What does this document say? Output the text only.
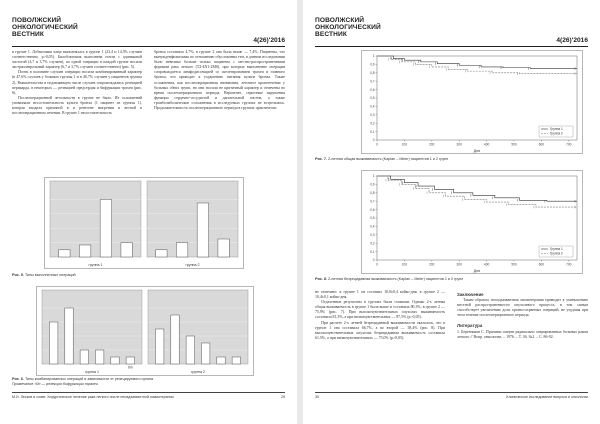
ПОВОЛЖСКИЙ
ОНКОЛОГИЧЕСКИЙ
ВЕСТНИК
4(26)'2016

в группе 1. Лобэктомия чаще выполнялась в группе 1 (23,4 и 14,5% случаев соответственно, p>0,05). Билобэктомия выполнена почти с одинаковой частотой (4,7 и 3,7% случаев), по одной операции в каждой группе носили экстраплевральный характер (6,7 и 3,7% случаев соответственно) (рис. 5).

Почти в половине случаев операции носили комбинированный характер (в 47,6% случаев у больных группы 1 и в 40,7% случаев у пациентов группы 2). Вмешательства в подавляющем числе случаев сопровождались резекцией перикарда, в некоторых — резекцией предсердия и бифуркации трахеи (рис. 6).

Послеоперационной летальности в группе не было. Из осложнений упоминали несостоятельность культи бронха (1 пациент из группы 1), которая входила причиной в и рентгене мигрении и весной в послеоперационном лечении. В группе 1 несостоятельность

бронха составила 4,7%, в группе 2 она была выше — 7,4%. Пациенты, что вынужденфиэктомия по отношению обусловлены тем, в данном исследовании было невелико больше только пациенты с местно-распространенными формами рака легкого (T2-4N1-2M0), при которых выполнение операции сопровождается лимфодиссекцией со скелетированием трахеи и главного бронха, что приводит к ухудшению питания культи бронха. Также осложнения, как послеоперационная пневмония, легочное кровотечение у больных обеих групп, но они носили не критичный характер и отмечены во время послеоперационного периода. Вероятнее, серьезные нарушения функции сердечно-сосудистой и дыхательной систем, а также тромбоэмболические осложнения в исследуемых группах не встречались. Продолжительность послеоперационного периода в группах практически

группа 1	группа 2
Рис. 5. Типы выполненных операций
б/п
группа 1	группа 2
Рис. 6. Типы комбинированных операций в зависимости от резецируемого органа
Примечание: б/п — резекция бифуркации трахеи
М.И. Лесков и соавт. Хирургическое лечение рака легкого после неоадъювантной химиотерапии	29
ПОВОЛЖСКИЙ
ОНКОЛОГИЧЕСКИЙ
ВЕСТНИК
4(26)'2016
0
0,1
0,2
0,3
0,4
0,5
0,6
0,7
0,8
0,9
1
0	100	200	300	400	500	600	700
Дни
Группа 1
Группа 2
Рис. 7. 2-летняя общая выживаемость (Kaplan – Meier) пациентов 1 и 2 групп
0
0,1
0,2
0,3
0,4
0,5
0,6
0,7
0,8
0,9
1
0	100	200	300	400	500	600	700
Дни
Группа 1
Группа 2
Рис. 8. 2-летняя безрецидивная выживаемость (Kaplan – Meier) пациентов 1 и 2 групп

не отмечено: в группе 1 он составил 10,0±0,4 койко-дня, в группе 2 — 10,4±0,1 койко-дня.

Отдаленные результаты в группах были схожими. Однако 2-х летняя общая выживаемость в группе 1 была выше и составила 80,3%, в группе 2 — 75,9% (рис. 7). При высокочувствительных опухолях выживаемость составила 81,3%, а при низкочувствительных — 87,5% (p>0,05).

При расчете 2-х летней безрецидивной выживаемости оказалось, что в группе 1 она составила 66,7%, а во второй — 58,4% (рис. 8). При высокочувствительных опухолях безрецидивная выживаемость составила 61,5%, а при низкочувствительных — 75,0% (p>0,05).

Заключение

Таким образом, неоадъювантная химиотерапия приводит к уменьшению местной распространенности опухолевого процесса, в том самым способствует увеличению доли органосохранных операций, не ухудшая при этом течение послеоперационного периода.

Литература

1. Березников С. Причины смерти радикально оперированных больных раком легкого // Вопр. онкологии. – 1976. – Т. 36, №2. – С. 86-92.

30	Клиническое исследование вопроса и онкологии
